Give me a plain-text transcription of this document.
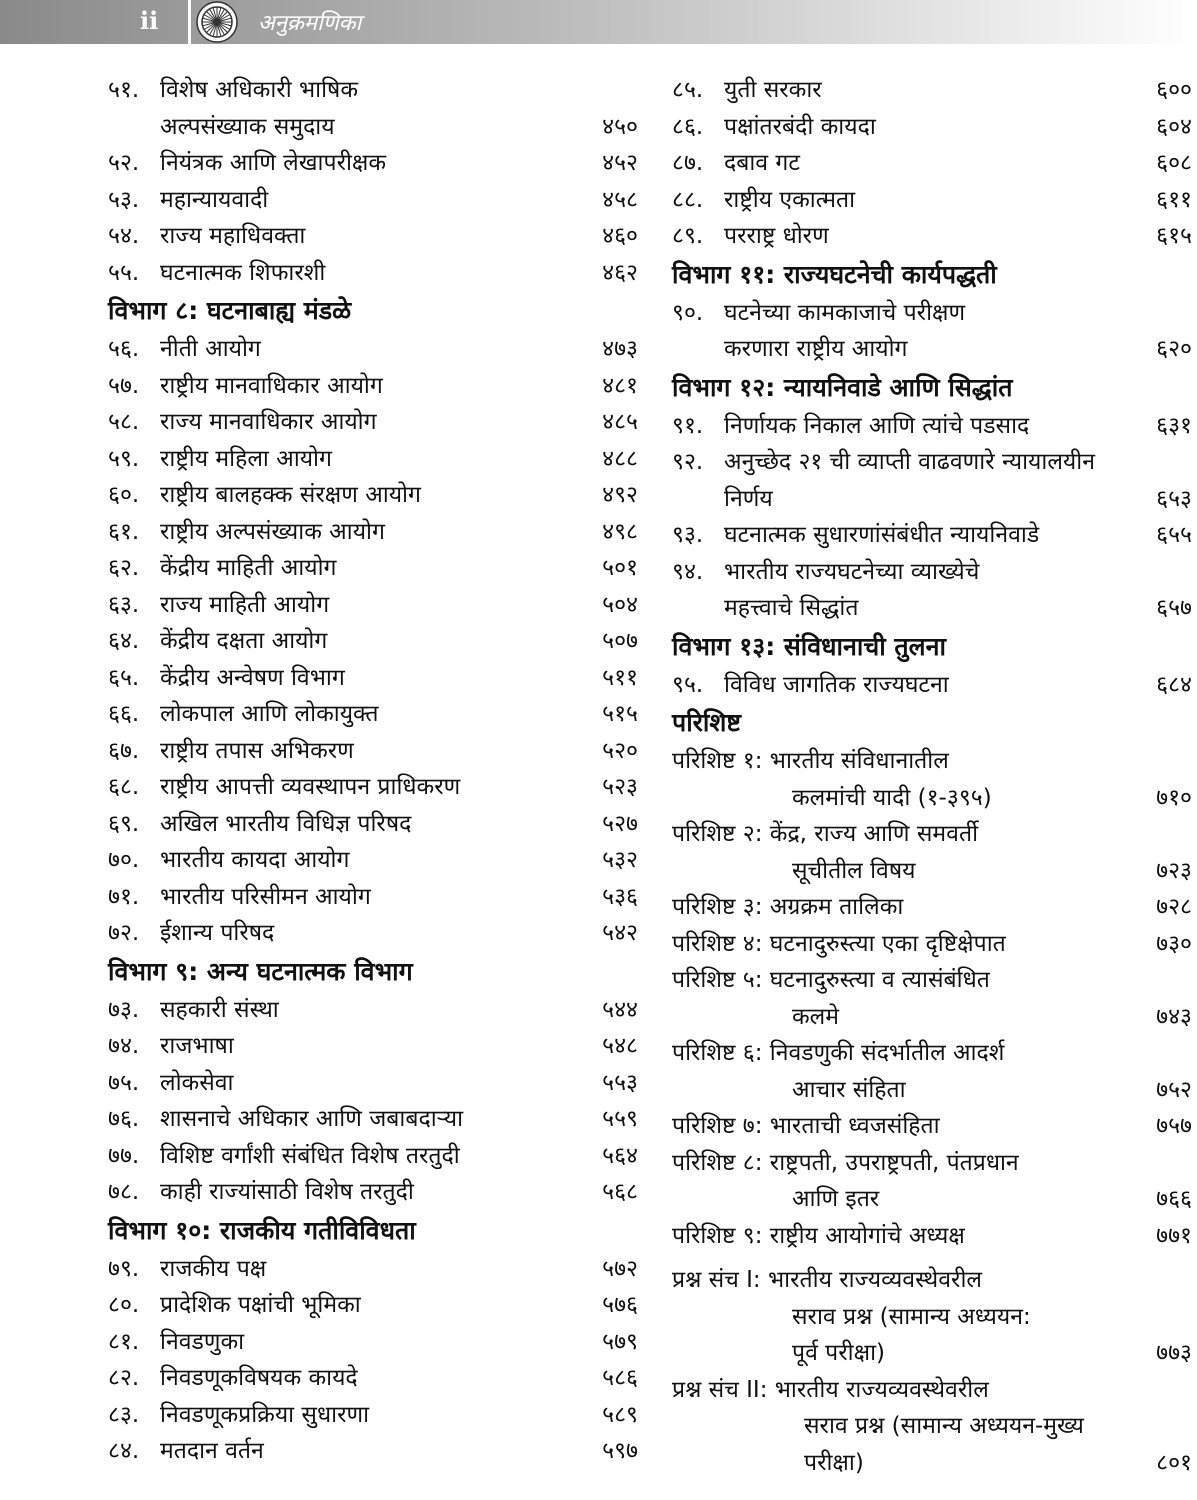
ii	अनुक्रमणिका
५१. विशेष अधिकारी भाषिक
अल्पसंख्याक समुदाय	४५०
५२. नियंत्रक आणि लेखापरीक्षक	४५२
५३. महान्यायवादी	४५८
५४. राज्य महाधिवक्ता	४६०
५५. घटनात्मक शिफारशी	४६२
विभाग ८: घटनाबाह्य मंडळे
५६. नीती आयोग	४७३
५७. राष्ट्रीय मानवाधिकार आयोग	४८१
५८. राज्य मानवाधिकार आयोग	४८५
५९. राष्ट्रीय महिला आयोग	४८८
६०. राष्ट्रीय बालहक्क संरक्षण आयोग	४९२
६१. राष्ट्रीय अल्पसंख्याक आयोग	४९८
६२. केंद्रीय माहिती आयोग	५०१
६३. राज्य माहिती आयोग	५०४
६४. केंद्रीय दक्षता आयोग	५०७
६५. केंद्रीय अन्वेषण विभाग	५११
६६. लोकपाल आणि लोकायुक्त	५१५
६७. राष्ट्रीय तपास अभिकरण	५२०
६८. राष्ट्रीय आपत्ती व्यवस्थापन प्राधिकरण	५२३
६९. अखिल भारतीय विधिज्ञ परिषद	५२७
७०. भारतीय कायदा आयोग	५३२
७१. भारतीय परिसीमन आयोग	५३६
७२. ईशान्य परिषद	५४२
विभाग ९: अन्य घटनात्मक विभाग
७३. सहकारी संस्था	५४४
७४. राजभाषा	५४८
७५. लोकसेवा	५५३
७६. शासनाचे अधिकार आणि जबाबदाऱ्या	५५९
७७. विशिष्ट वर्गांशी संबंधित विशेष तरतुदी	५६४
७८. काही राज्यांसाठी विशेष तरतुदी	५६८
विभाग १०: राजकीय गतीविविधता
७९. राजकीय पक्ष	५७२
८०. प्रादेशिक पक्षांची भूमिका	५७६
८१. निवडणुका	५७९
८२. निवडणूकविषयक कायदे	५८६
८३. निवडणूकप्रक्रिया सुधारणा	५८९
८४. मतदान वर्तन	५९७
८५. युती सरकार	६००
८६. पक्षांतरबंदी कायदा	६०४
८७. दबाव गट	६०८
८८. राष्ट्रीय एकात्मता	६११
८९. परराष्ट्र धोरण	६१५
विभाग ११: राज्यघटनेची कार्यपद्धती
९०. घटनेच्या कामकाजाचे परीक्षण
करणारा राष्ट्रीय आयोग	६२०
विभाग १२: न्यायनिवाडे आणि सिद्धांत
९१. निर्णायक निकाल आणि त्यांचे पडसाद	६३१
९२. अनुच्छेद २१ ची व्याप्ती वाढवणारे न्यायालयीन
निर्णय	६५३
९३. घटनात्मक सुधारणांसंबंधीत न्यायनिवाडे	६५५
९४. भारतीय राज्यघटनेच्या व्याख्येचे
महत्त्वाचे सिद्धांत	६५७
विभाग १३: संविधानाची तुलना
९५. विविध जागतिक राज्यघटना	६८४
परिशिष्ट
परिशिष्ट १: भारतीय संविधानातील
कलमांची यादी (१-३९५)	७१०
परिशिष्ट २: केंद्र, राज्य आणि समवर्ती
सूचीतील विषय	७२३
परिशिष्ट ३: अग्रक्रम तालिका	७२८
परिशिष्ट ४: घटनादुरुस्त्या एका दृष्टिक्षेपात	७३०
परिशिष्ट ५: घटनादुरुस्त्या व त्यासंबंधित
कलमे	७४३
परिशिष्ट ६: निवडणुकी संदर्भातील आदर्श
आचार संहिता	७५२
परिशिष्ट ७: भारताची ध्वजसंहिता	७५७
परिशिष्ट ८: राष्ट्रपती, उपराष्ट्रपती, पंतप्रधान
आणि इतर	७६६
परिशिष्ट ९: राष्ट्रीय आयोगांचे अध्यक्ष	७७१
प्रश्न संच I: भारतीय राज्यव्यवस्थेवरील
सराव प्रश्न (सामान्य अध्ययन:
पूर्व परीक्षा)	७७३
प्रश्न संच II: भारतीय राज्यव्यवस्थेवरील
सराव प्रश्न (सामान्य अध्ययन-मुख्य
परीक्षा)	८०१
